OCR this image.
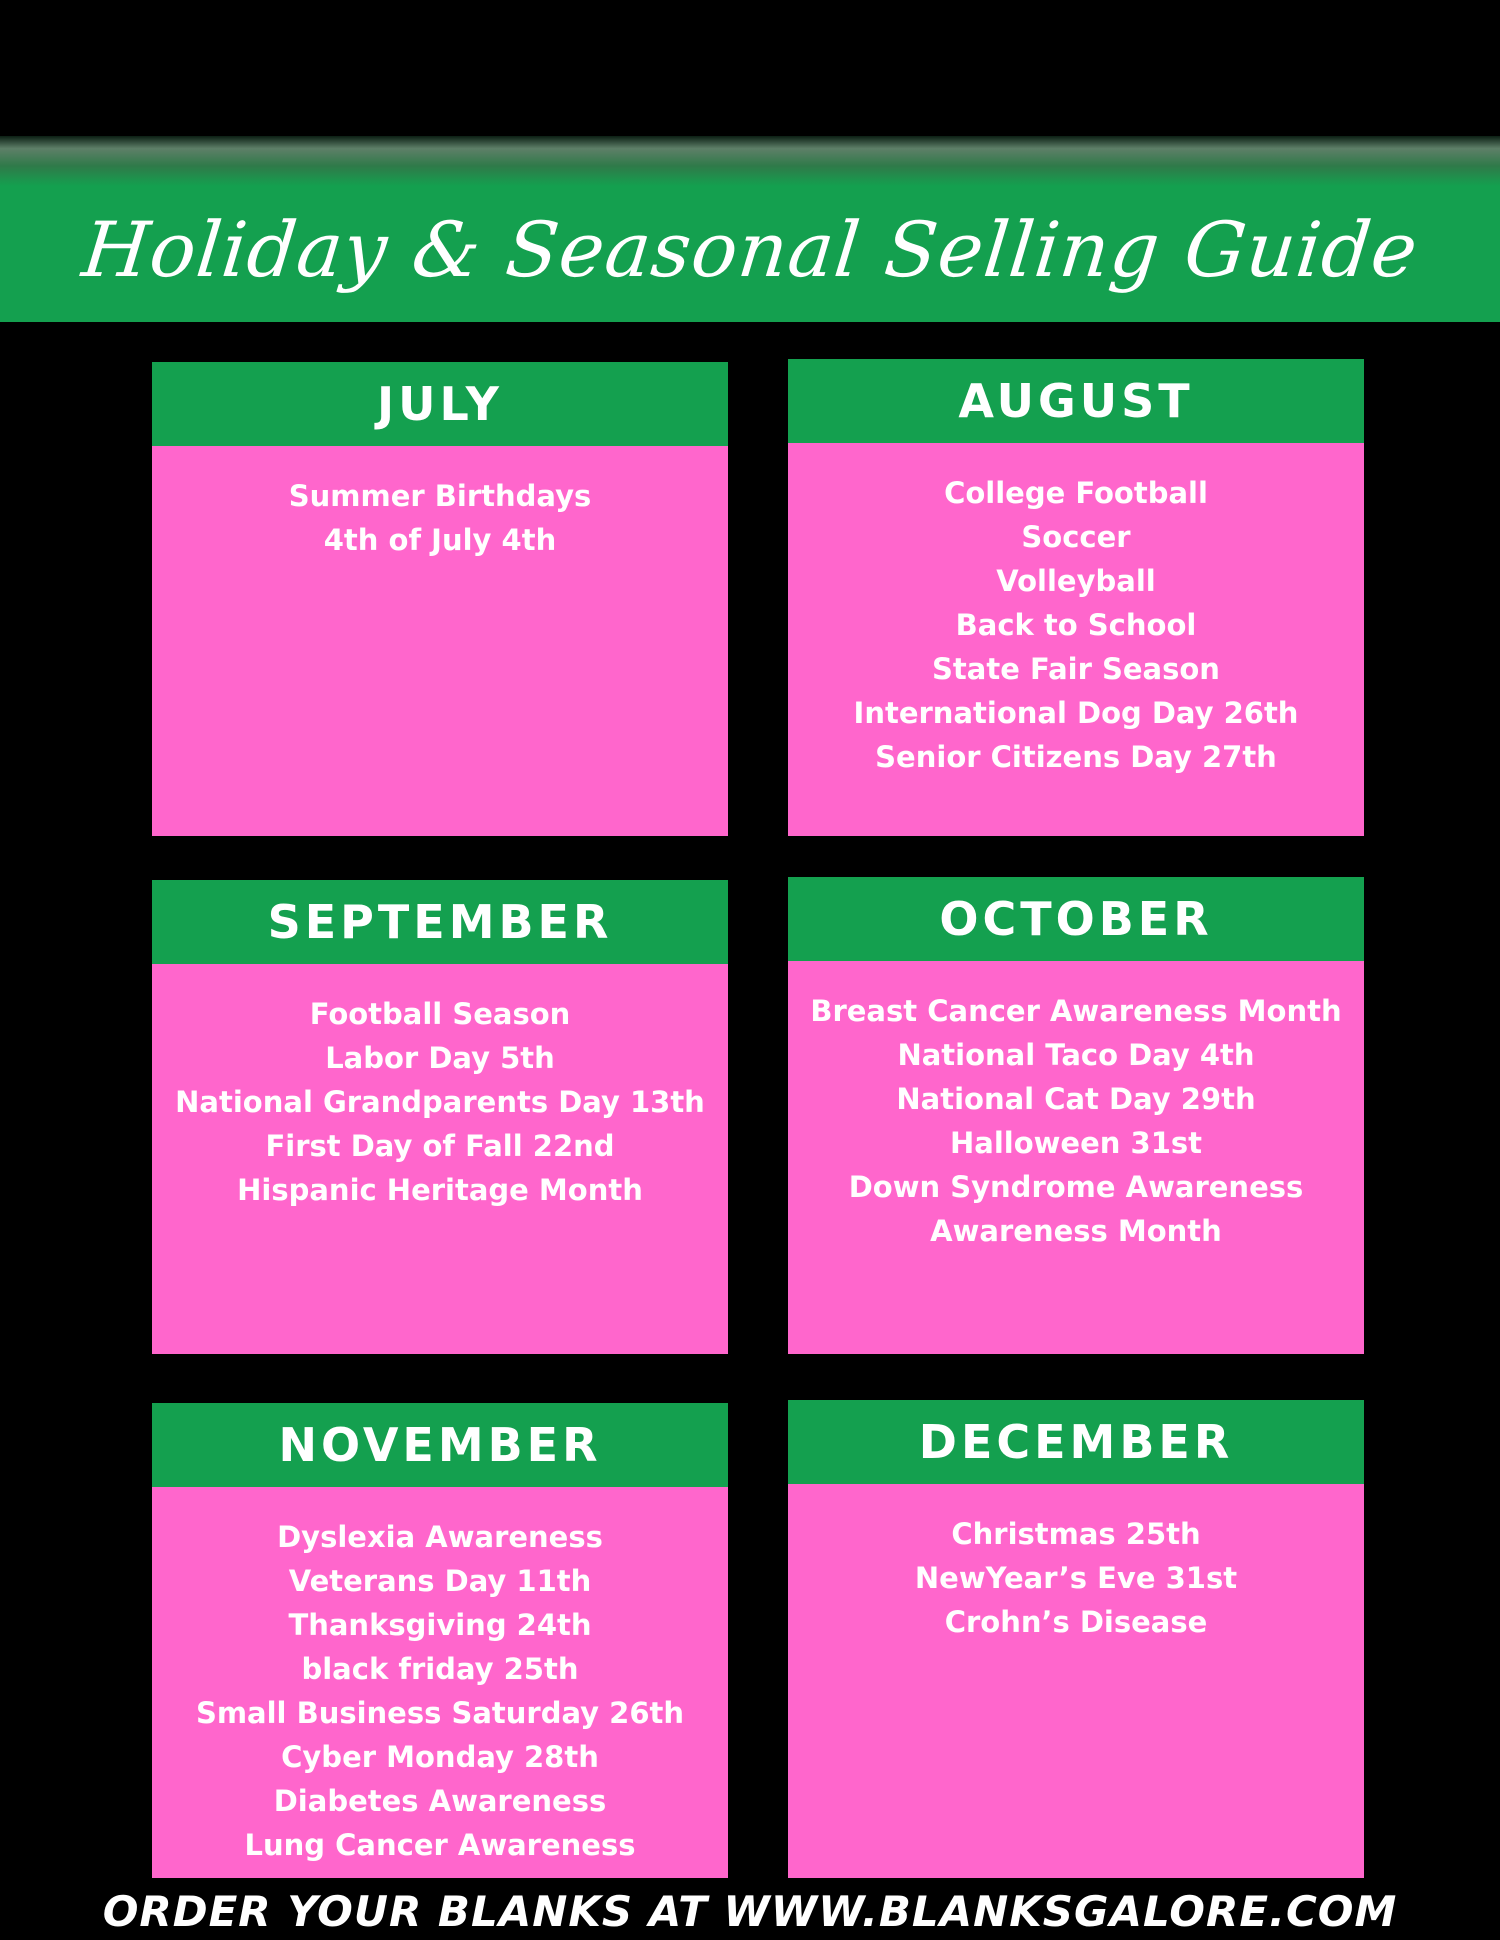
Holiday & Seasonal Selling Guide
JULY
Summer Birthdays
4th of July 4th
AUGUST
College Football
Soccer
Volleyball
Back to School
State Fair Season
International Dog Day 26th
Senior Citizens Day 27th
SEPTEMBER
Football Season
Labor Day 5th
National Grandparents Day 13th
First Day of Fall 22nd
Hispanic Heritage Month
OCTOBER
Breast Cancer Awareness Month
National Taco Day 4th
National Cat Day 29th
Halloween 31st
Down Syndrome Awareness
Awareness Month
NOVEMBER
Dyslexia Awareness
Veterans Day 11th
Thanksgiving 24th
black friday 25th
Small Business Saturday 26th
Cyber Monday 28th
Diabetes Awareness
Lung Cancer Awareness
DECEMBER
Christmas 25th
NewYear’s Eve 31st
Crohn’s Disease
ORDER YOUR BLANKS AT WWW.BLANKSGALORE.COM
